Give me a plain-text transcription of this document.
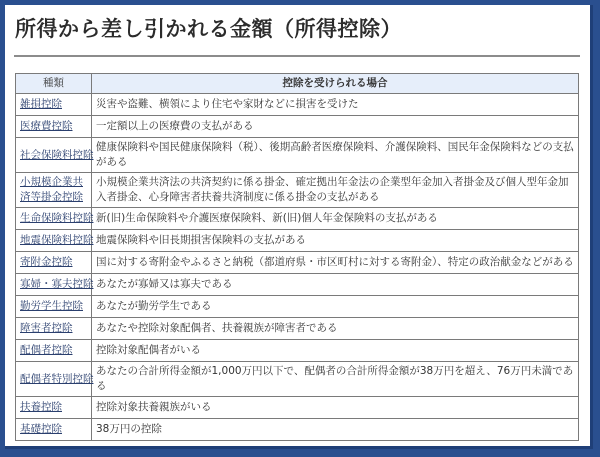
所得から差し引かれる金額（所得控除）
種類	控除を受けられる場合
雑損控除	災害や盗難、横領により住宅や家財などに損害を受けた
医療費控除	一定額以上の医療費の支払がある
社会保険料控除	健康保険料や国民健康保険料（税）、後期高齢者医療保険料、介護保険料、国民年金保険料などの支払がある
小規模企業共済等掛金控除	小規模企業共済法の共済契約に係る掛金、確定拠出年金法の企業型年金加入者掛金及び個人型年金加入者掛金、心身障害者扶養共済制度に係る掛金の支払がある
生命保険料控除	新(旧)生命保険料や介護医療保険料、新(旧)個人年金保険料の支払がある
地震保険料控除	地震保険料や旧長期損害保険料の支払がある
寄附金控除	国に対する寄附金やふるさと納税（都道府県・市区町村に対する寄附金）、特定の政治献金などがある
寡婦・寡夫控除	あなたが寡婦又は寡夫である
勤労学生控除	あなたが勤労学生である
障害者控除	あなたや控除対象配偶者、扶養親族が障害者である
配偶者控除	控除対象配偶者がいる
配偶者特別控除	あなたの合計所得金額が1,000万円以下で、配偶者の合計所得金額が38万円を超え、76万円未満である
扶養控除	控除対象扶養親族がいる
基礎控除	38万円の控除
